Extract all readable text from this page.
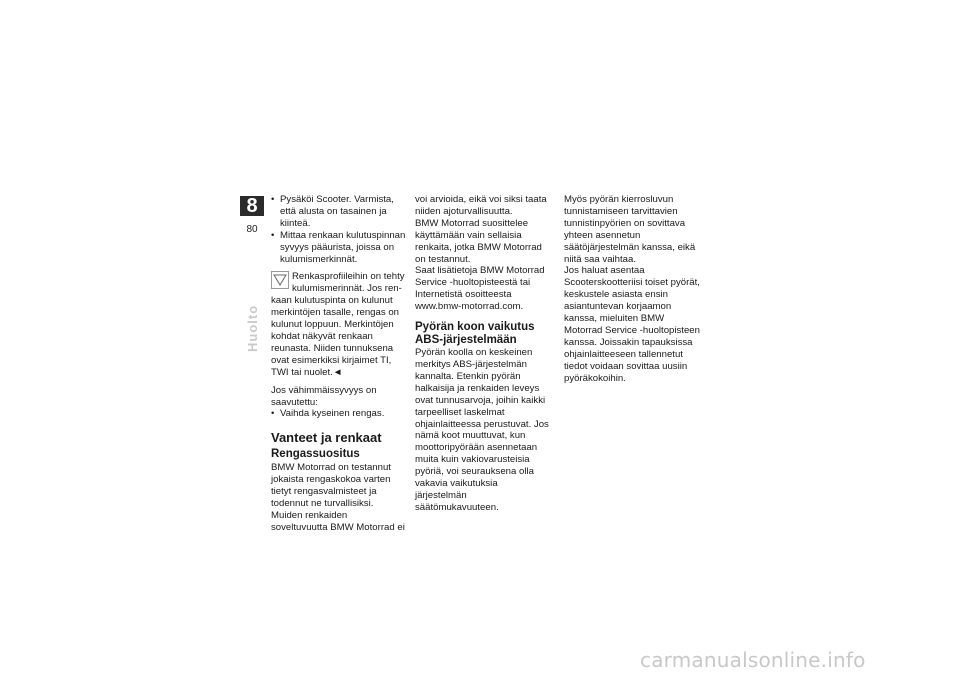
8
80
Huolto

• Pysäköi Scooter. Varmista, että alusta on tasainen ja kiinteä.

• Mittaa renkaan kulutuspinnan syvyys pääurista, joissa on kulumismerkinnät.

Renkasprofiileihin on tehty kulumismerinnät. Jos ren-

kaan kulutuspinta on kulunut merkintöjen tasalle, rengas on kulunut loppuun. Merkintöjen kohdat näkyvät renkaan reunasta. Niiden tunnuksena ovat esimerkiksi kirjaimet TI, TWI tai nuolet.◄

Jos vähimmäissyvyys on saavutettu:

• Vaihda kyseinen rengas.

Vanteet ja renkaat
Rengassuositus

BMW Motorrad on testannut jokaista rengaskokoa varten tietyt rengasvalmisteet ja todennut ne turvallisiksi. Muiden renkaiden soveltuvuutta BMW Motorrad ei

voi arvioida, eikä voi siksi taata niiden ajoturvallisuutta.

BMW Motorrad suosittelee käyttämään vain sellaisia renkaita, jotka BMW Motorrad on testannut.

Saat lisätietoja BMW Motorrad Service -huoltopisteestä tai Internetistä osoitteesta www.bmw-motorrad.com.

Pyörän koon vaikutus ABS-järjestelmään

Pyörän koolla on keskeinen merkitys ABS-järjestelmän kannalta. Etenkin pyörän halkaisija ja renkaiden leveys ovat tunnusarvoja, joihin kaikki tarpeelliset laskelmat ohjainlaitteessa perustuvat. Jos nämä koot muuttuvat, kun moottoripyörään asennetaan muita kuin vakiovarusteisia pyöriä, voi seurauksena olla vakavia vaikutuksia järjestelmän säätömukavuuteen.

Myös pyörän kierrosluvun tunnistamiseen tarvittavien tunnistinpyörien on sovittava yhteen asennetun säätöjärjestelmän kanssa, eikä niitä saa vaihtaa.

Jos haluat asentaa Scooterskootteriisi toiset pyörät, keskustele asiasta ensin asiantuntevan korjaamon kanssa, mieluiten BMW Motorrad Service -huoltopisteen kanssa. Joissakin tapauksissa ohjainlaitteeseen tallennetut tiedot voidaan sovittaa uusiin pyöräkokoihin.

carmanualsonline.info
